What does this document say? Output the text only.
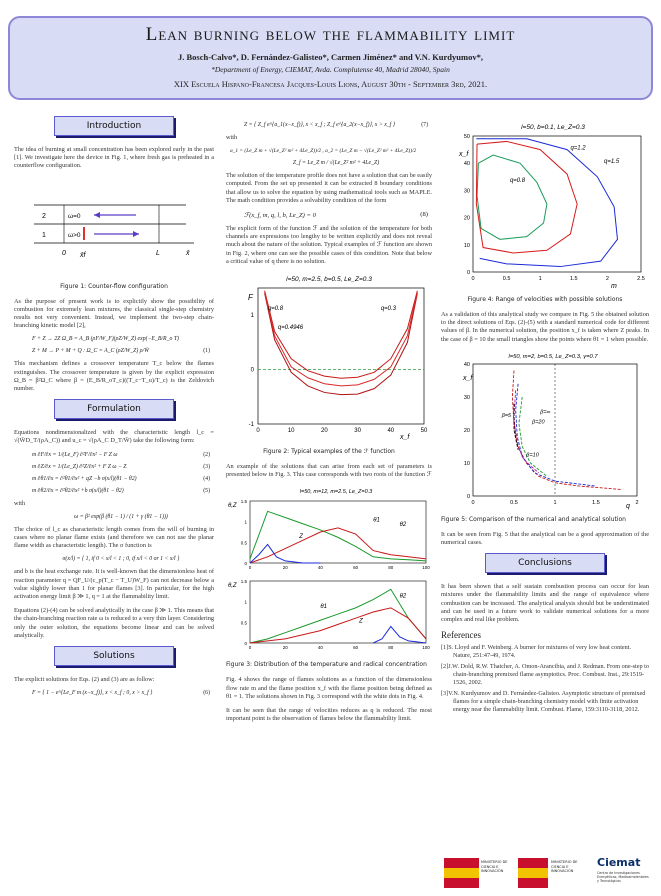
Lean burning below the flammability limit
J. Bosch-Calvo*, D. Fernández-Galisteo*, Carmen Jiménez* and V.N. Kurdyumov*,
*Department of Energy, CIEMAT, Avda. Complutense 40, Madrid 28040, Spain
XIX Escuela Hispano-Francesa Jacques-Louis Lions, August 30th - September 3rd, 2021.
Introduction

The idea of burning at small concentration has been explored early in the past [1]. We investigate here the device in Fig. 1, where fresh gas is preheated in a counterflow configuration.

2
1
ω=0
ω>0
0 x̄f	L	x̄
Figure 1: Counter-flow configuration

As the purpose of present work is to explicitly show the possibility of combustion for extremely lean mixtures, the classical single-step chemistry results not very convenient. Instead, we implement the two-step chain-branching kinetic model [2],

F + Z → 2Z Ω_B = A_B (ρF/W_F)(ρZ/W_Z) exp(−E_B/R_o T)
Z + M → P + M + Q : Ω_C = A_C (ρZ/W_Z) ρ/W̄	(1)

This mechanism defines a crossover temperature T_c below the flames extinguishes. The crossover temperature is given by the explicit expression Ω_B = β²Ω_C where β = (E_B/R_oT_c)((T_c−T_u)/T_c) is the Zeldovich number.

Formulation

Equations nondimensionalized with the characteristic length l_c = √(W̄D_T/(ρA_C)) and u_c = √(ρA_C D_T/W̄) take the following form:

m ∂F/∂x = 1/(Le_F) ∂²F/∂x² − F Z ω	(2)
m ∂Z/∂x = 1/(Le_Z) ∂²Z/∂x² + F Z ω − Z	(3)
m ∂θ1/∂x = ∂²θ1/∂x² + qZ −b σ(x/l)(θ1 − θ2)	(4)
m ∂θ2/∂x = ∂²θ2/∂x² +b σ(x/l)(θ1 − θ2)	(5)

with

ω = β² exp(β (θ1 − 1) / (1 + γ (θ1 − 1)))

The choice of l_c as characteristic length comes from the will of burning in cases where no planar flame exists (and therefore we can not use the planar flame width as characteristic length). The σ function is

σ(x/l) = { 1, if 0 < x/l < 1 ; 0, if x/l < 0 or 1 < x/l }

and b is the heat exchange rate. It is well-known that the dimensionless heat of reaction parameter q = QF_U/(c_p(T_c − T_U)W_F) can not decrease below a value slightly lower than 1 for planar flames [3]. In particular, for the high activation energy limit β ≫ 1, q = 1 at the flammability limit.

Equations (2)-(4) can be solved analytically in the case β ≫ 1. This means that the chain-branching reaction rate ω is reduced to a very thin layer. Considering only the outer solution, the equations become linear and can be solved analytically.

Solutions

The explicit solutions for Eqs. (2) and (3) are as follow:

F = { 1 − e^{Le_F m (x−x_f)}, x < x_f ; 0, x > x_f }	(6)
Z = { Z_f e^{a_1(x−x_f)}, x < x_f ; Z_f e^{a_2(x−x_f)}, x > x_f }	(7)

with

a_1 = (Le_Z m + √(Le_Z² m² + 4Le_Z))/2 , a_2 = (Le_Z m − √(Le_Z² m² + 4Le_Z))/2
Z_f = Le_Z m / √(Le_Z² m² + 4Le_Z)

The solution of the temperature profile does not have a solution that can be easily computed. From the set up presented it can be extracted 8 boundary conditions that allow us to solve the equation by using mathematical tools such as MAPLE. The math condition provides a solvability condition of the form

ℱ(x_f, m, q, l, b, Le_Z) = 0	(8)

The explicit form of the function ℱ and the solution of the temperature for both channels are expressions too lengthy to be written explicitly and does not reveal much about the nature of the solution. Typical examples of ℱ function are shown in Fig. 2, where one can see the possible cases of this condition. Note that below a critical value of q there is no solution.

l=50, m=2.5, b=0.5, Le_Z=0.3
F
x_f
0	10	20	30	40	50
-1
0
1
q=0.8	q=0.3
q=0.4946
Figure 2: Typical examples of the ℱ function

An example of the solutions that can arise from each set of parameters is presented below in Fig. 3. This case corresponds with two roots of the function ℱ

l=50, m=12, m=2.5, Le_Z=0.3
θ,Z
0
0.5
1
1.5
0	20	40	60	80	100
θ1
θ2
Z
θ,Z
0
0.5
1
1.5
0	20	40	60	80	100
θ1
θ2
Z
Figure 3: Distribution of the temperature and radical concentration

Fig. 4 shows the range of flames solutions as a function of the dimensionless flow rate m and the flame position x_f with the flame position being defined as θ1 = 1. The solutions shown in Fig. 3 correspond with the white dots in Fig. 4.

It can be seen that the range of velocities reduces as q is reduced. The most important point is the observation of flames below the flammability limit.

l=50, b=0.1, Le_Z=0.3
x_f
m
0	0.5	1	1.5	2	2.5
0
10
20
30
40
50
q=0.8
q=1.2
q=1.5
Figure 4: Range of velocities with possible solutions

As a validation of this analytical study we compare in Fig. 5 the obtained solution to the direct solutions of Eqs. (2)-(5) with a standard numerical code for different values of β. In the numerical solution, the position x_f is taken where Z peaks. In the case of β = 10 the small triangles show the points where θ1 = 1 when possible.

l=50, m=2, b=0.5, Le_Z=0.3, γ=0.7
x_f
q
0	0.5	1	1.5	2
0
10
20
30
40
β=5
β=20
β=10
β=∞
Figure 5: Comparison of the numerical and analytical solution

It can be seen from Fig. 5 that the analytical can be a good approximation of the numerical cases.

Conclusions

It has been shown that a self sustain combustion process can occur for lean mixtures under the flammability limits and the range of equivalence where combustion can be increased. The analytical analysis should but be understimated and can be used in a future work to validate numerical solutions for a more complex and real like problem.

References

[1]S. Lloyd and F. Weinberg. A burner for mixtures of very low heat content. Nature, 251:47-49, 1974.

[2]J.W. Dold, R.W. Thatcher, A. Omon-Arancibia, and J. Redman. From one-step to chain-branching premixed flame asymptotics. Proc. Combust. Inst., 29:1519-1526, 2002.

[3]V.N. Kurdyumov and D. Fernández-Galisteo. Asymptotic structure of premixed flames for a simple chain-branching chemistry model with finite activation energy near the flammability limit. Combust. Flame, 159:3110-3118, 2012.

MINISTERIO DE CIENCIA E INNOVACIÓN
MINISTERIO DE CIENCIA E INNOVACIÓN
Ciemat
Centro de Investigaciones Energéticas, Medioambientales y Tecnológicas
